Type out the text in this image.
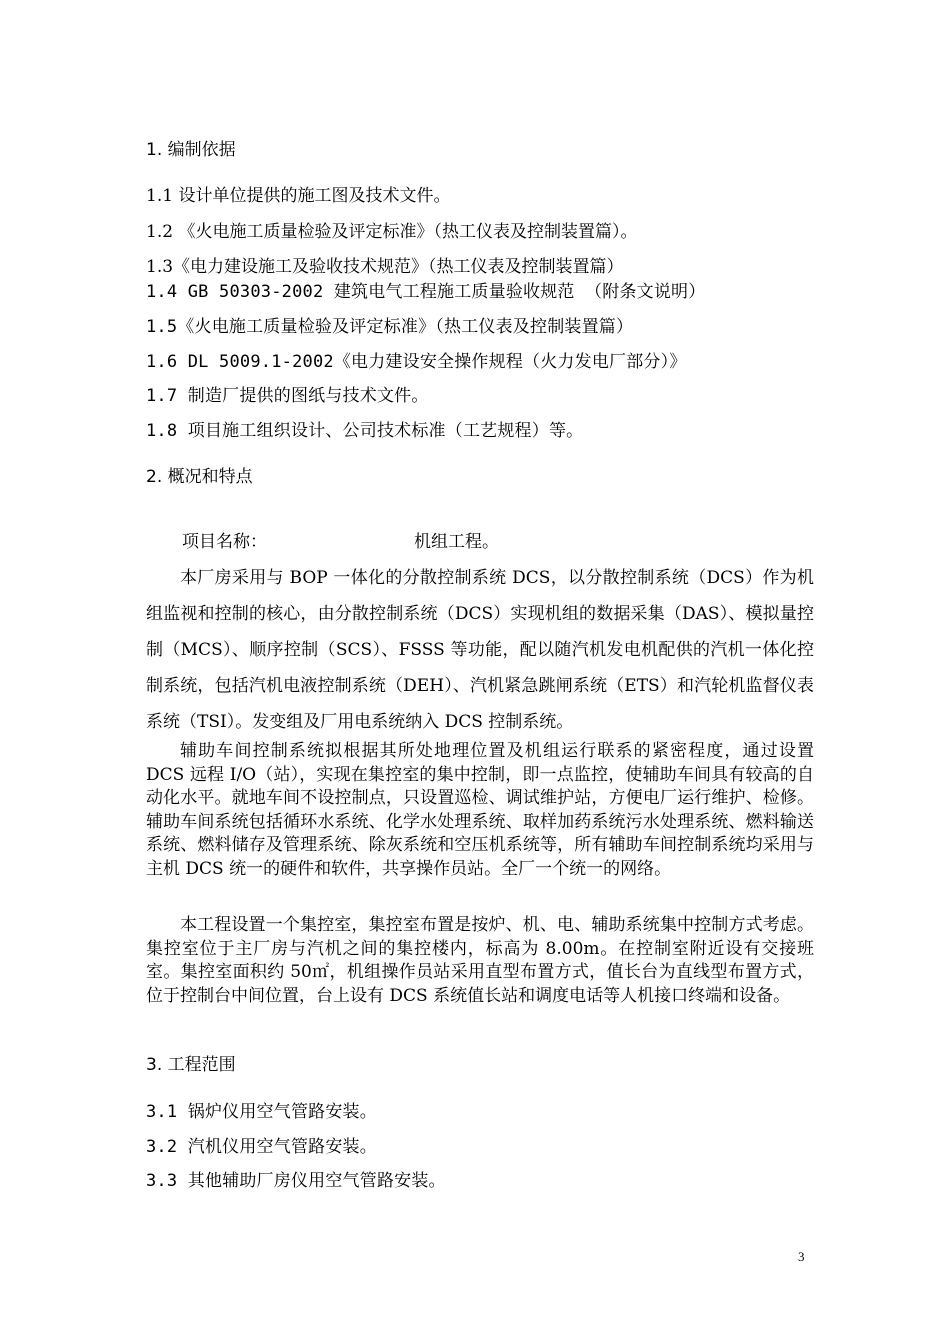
1. 编制依据
1.1 设计单位提供的施工图及技术文件。
1.2 《火电施工质量检验及评定标准》（热工仪表及控制装置篇）。
1.3《电力建设施工及验收技术规范》（热工仪表及控制装置篇）
1.4 GB 50303-2002 建筑电气工程施工质量验收规范 （附条文说明）
1.5《火电施工质量检验及评定标准》（热工仪表及控制装置篇）
1.6 DL 5009.1-2002《电力建设安全操作规程（火力发电厂部分）》
1.7 制造厂提供的图纸与技术文件。
1.8 项目施工组织设计、公司技术标准（工艺规程）等。
2. 概况和特点
项目名称：	机组工程。

本厂房采用与 BOP 一体化的分散控制系统 DCS，以分散控制系统（DCS）作为机组监视和控制的核心，由分散控制系统（DCS）实现机组的数据采集（DAS）、模拟量控制（MCS）、顺序控制（SCS）、FSSS 等功能，配以随汽机发电机配供的汽机一体化控制系统，包括汽机电液控制系统（DEH）、汽机紧急跳闸系统（ETS）和汽轮机监督仪表系统（TSI）。发变组及厂用电系统纳入 DCS 控制系统。

辅助车间控制系统拟根据其所处地理位置及机组运行联系的紧密程度，通过设置 DCS 远程 I/O（站），实现在集控室的集中控制，即一点监控，使辅助车间具有较高的自动化水平。就地车间不设控制点，只设置巡检、调试维护站，方便电厂运行维护、检修。辅助车间系统包括循环水系统、化学水处理系统、取样加药系统污水处理系统、燃料输送系统、燃料储存及管理系统、除灰系统和空压机系统等，所有辅助车间控制系统均采用与主机 DCS 统一的硬件和软件，共享操作员站。全厂一个统一的网络。

本工程设置一个集控室，集控室布置是按炉、机、电、辅助系统集中控制方式考虑。集控室位于主厂房与汽机之间的集控楼内，标高为 8.00m。在控制室附近设有交接班室。集控室面积约 50㎡，机组操作员站采用直型布置方式，值长台为直线型布置方式，位于控制台中间位置，台上设有 DCS 系统值长站和调度电话等人机接口终端和设备。

3. 工程范围
3.1 锅炉仪用空气管路安装。
3.2 汽机仪用空气管路安装。
3.3 其他辅助厂房仪用空气管路安装。
3
